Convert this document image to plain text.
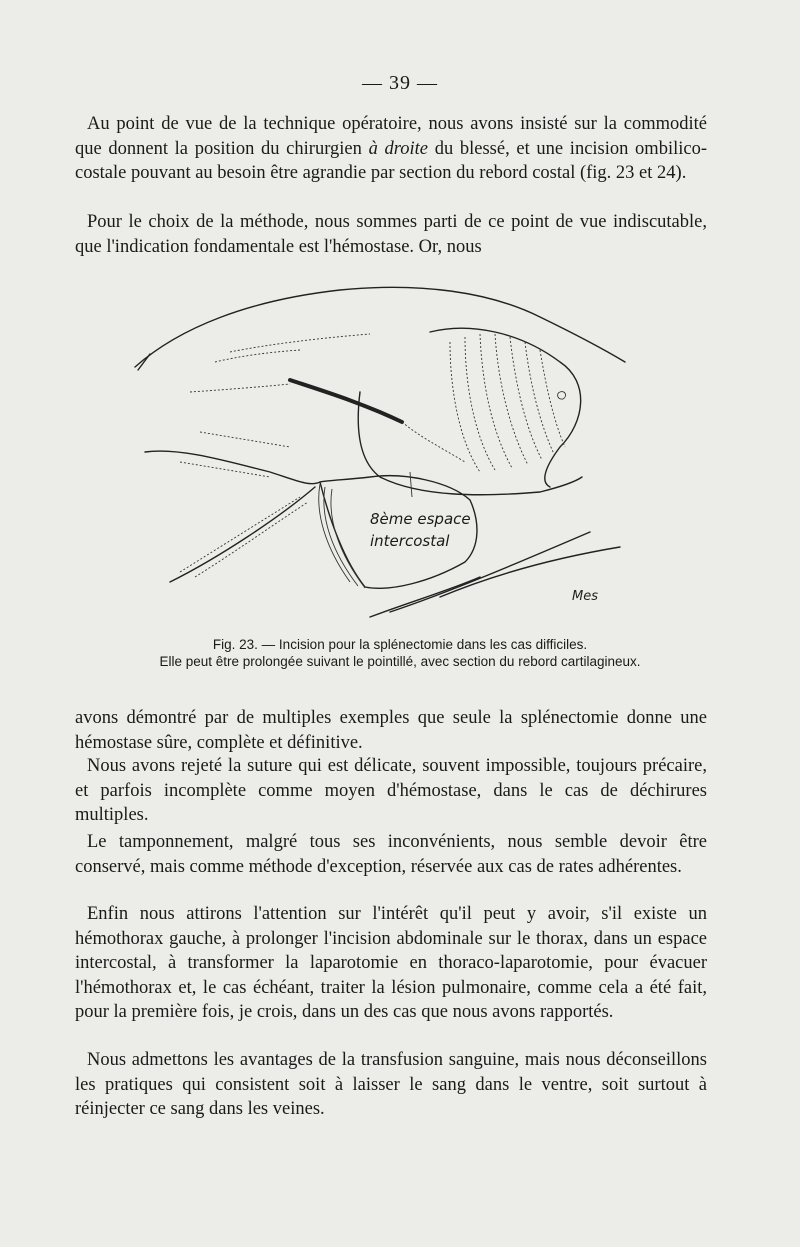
— 39 —

Au point de vue de la technique opératoire, nous avons insisté sur la commodité que donnent la position du chirurgien à droite du blessé, et une incision ombilico-costale pouvant au besoin être agrandie par section du rebord costal (fig. 23 et 24).

Pour le choix de la méthode, nous sommes parti de ce point de vue indiscutable, que l'indication fondamentale est l'hémostase. Or, nous

8ème espace
intercostal
Mes
Fig. 23. — Incision pour la splénectomie dans les cas difficiles.
Elle peut être prolongée suivant le pointillé, avec section du rebord cartilagineux.

avons démontré par de multiples exemples que seule la splénectomie donne une hémostase sûre, complète et définitive.

Nous avons rejeté la suture qui est délicate, souvent impossible, toujours précaire, et parfois incomplète comme moyen d'hémostase, dans le cas de déchirures multiples.

Le tamponnement, malgré tous ses inconvénients, nous semble devoir être conservé, mais comme méthode d'exception, réservée aux cas de rates adhérentes.

Enfin nous attirons l'attention sur l'intérêt qu'il peut y avoir, s'il existe un hémothorax gauche, à prolonger l'incision abdominale sur le thorax, dans un espace intercostal, à transformer la laparotomie en thoraco-laparotomie, pour évacuer l'hémothorax et, le cas échéant, traiter la lésion pulmonaire, comme cela a été fait, pour la première fois, je crois, dans un des cas que nous avons rapportés.

Nous admettons les avantages de la transfusion sanguine, mais nous déconseillons les pratiques qui consistent soit à laisser le sang dans le ventre, soit surtout à réinjecter ce sang dans les veines.
